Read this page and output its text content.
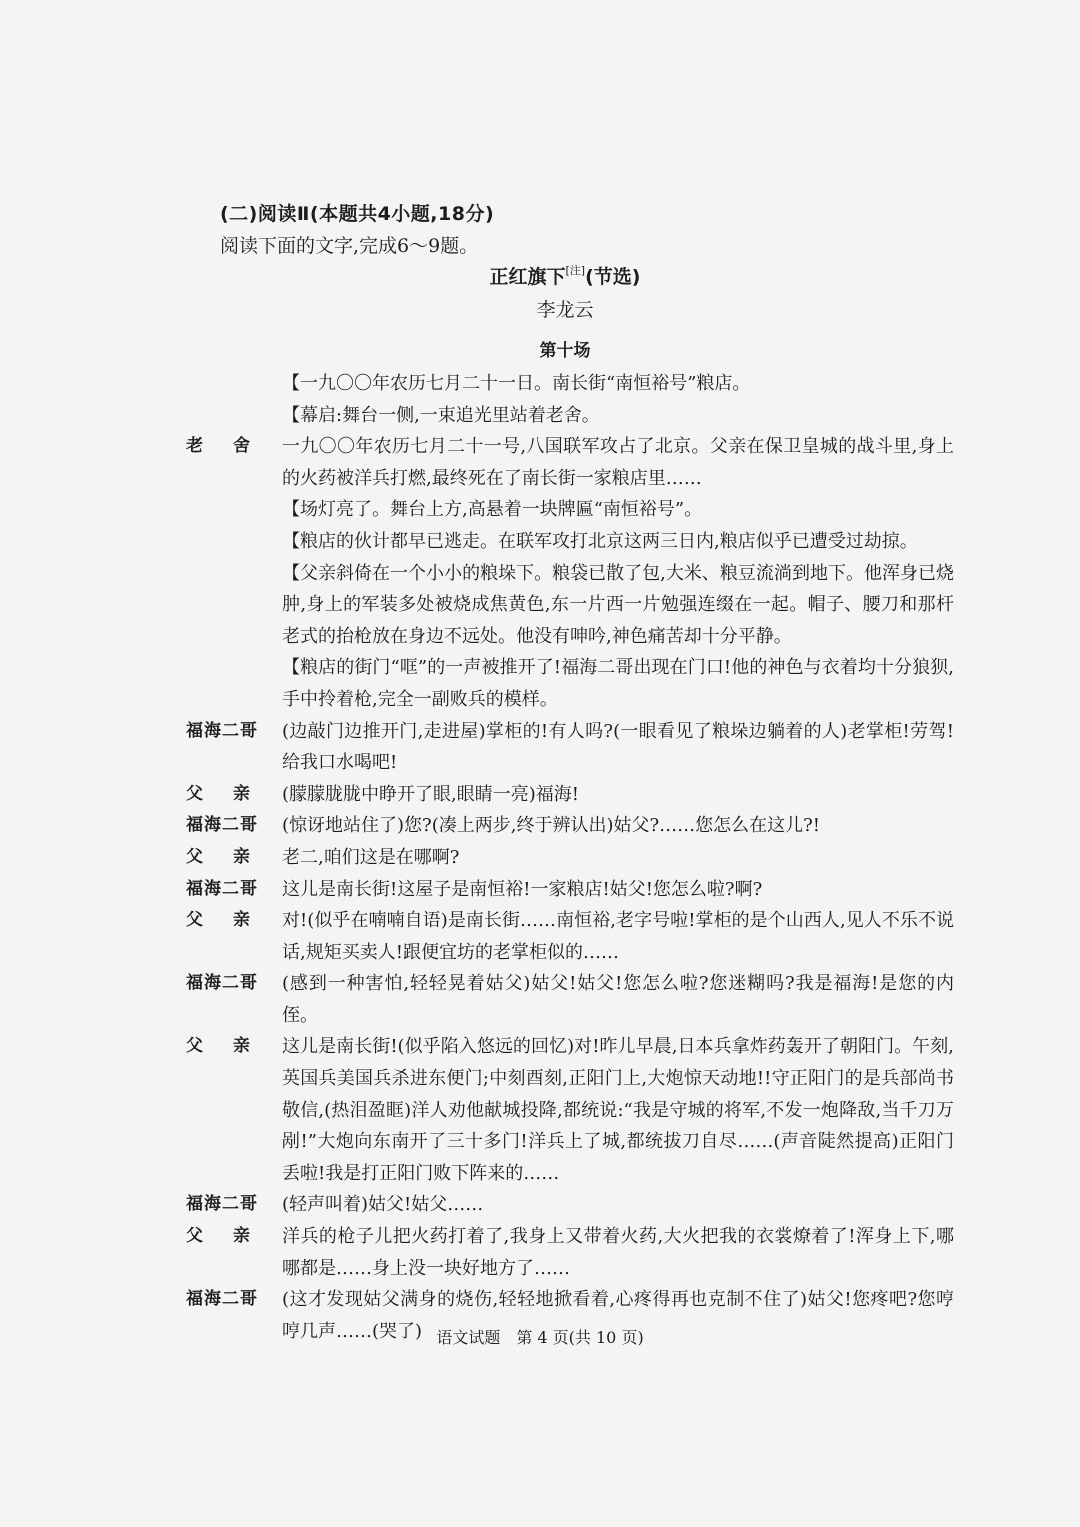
(二)阅读Ⅱ(本题共4小题,18分)
阅读下面的文字,完成6～9题。
正红旗下[注](节选)
李龙云
第十场
【一九〇〇年农历七月二十一日。南长街“南恒裕号”粮店。
【幕启:舞台一侧,一束追光里站着老舍。
老舍 一九〇〇年农历七月二十一号,八国联军攻占了北京。父亲在保卫皇城的战斗里,身上的火药被洋兵打燃,最终死在了南长街一家粮店里……
【场灯亮了。舞台上方,高悬着一块牌匾“南恒裕号”。
【粮店的伙计都早已逃走。在联军攻打北京这两三日内,粮店似乎已遭受过劫掠。
【父亲斜倚在一个小小的粮垛下。粮袋已散了包,大米、粮豆流淌到地下。他浑身已烧肿,身上的军装多处被烧成焦黄色,东一片西一片勉强连缀在一起。帽子、腰刀和那杆老式的抬枪放在身边不远处。他没有呻吟,神色痛苦却十分平静。
【粮店的街门“哐”的一声被推开了!福海二哥出现在门口!他的神色与衣着均十分狼狈,手中拎着枪,完全一副败兵的模样。
福海二哥	(边敲门边推开门,走进屋)掌柜的!有人吗?(一眼看见了粮垛边躺着的人)老掌柜!劳驾!给我口水喝吧!
父亲 (朦朦胧胧中睁开了眼,眼睛一亮)福海!
福海二哥	(惊讶地站住了)您?(凑上两步,终于辨认出)姑父?……您怎么在这儿?!
父亲 老二,咱们这是在哪啊?
福海二哥	这儿是南长街!这屋子是南恒裕!一家粮店!姑父!您怎么啦?啊?
父亲 对!(似乎在喃喃自语)是南长街……南恒裕,老字号啦!掌柜的是个山西人,见人不乐不说话,规矩买卖人!跟便宜坊的老掌柜似的……
福海二哥	(感到一种害怕,轻轻晃着姑父)姑父!姑父!您怎么啦?您迷糊吗?我是福海!是您的内侄。
父亲 这儿是南长街!(似乎陷入悠远的回忆)对!昨儿早晨,日本兵拿炸药轰开了朝阳门。午刻,英国兵美国兵杀进东便门;中刻酉刻,正阳门上,大炮惊天动地!!守正阳门的是兵部尚书敬信,(热泪盈眶)洋人劝他献城投降,都统说:“我是守城的将军,不发一炮降敌,当千刀万剐!”大炮向东南开了三十多门!洋兵上了城,都统拔刀自尽……(声音陡然提高)正阳门丢啦!我是打正阳门败下阵来的……
福海二哥	(轻声叫着)姑父!姑父……
父亲 洋兵的枪子儿把火药打着了,我身上又带着火药,大火把我的衣裳燎着了!浑身上下,哪哪都是……身上没一块好地方了……
福海二哥	(这才发现姑父满身的烧伤,轻轻地掀看着,心疼得再也克制不住了)姑父!您疼吧?您哼哼几声……(哭了) 语文试题　第 4 页(共 10 页)
